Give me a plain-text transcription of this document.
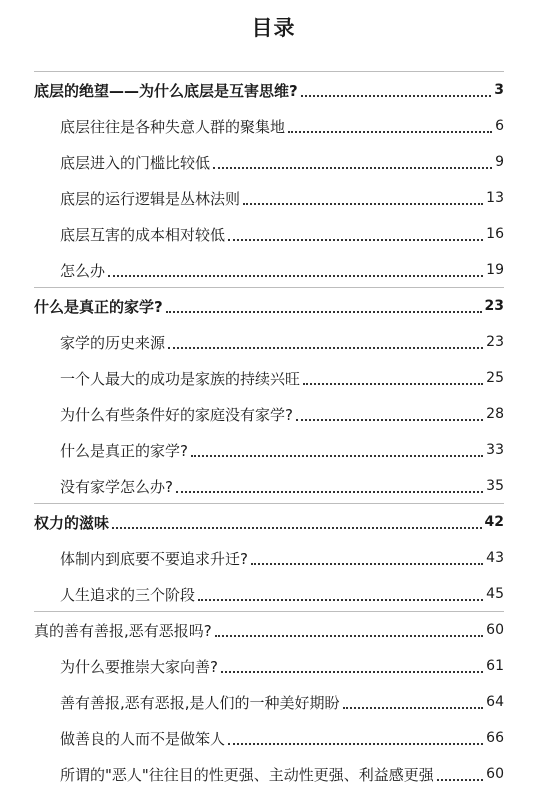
目录
底层的绝望——为什么底层是互害思维?	3
底层往往是各种失意人群的聚集地	6
底层进入的门槛比较低	9
底层的运行逻辑是丛林法则	13
底层互害的成本相对较低	16
怎么办	19
什么是真正的家学?	23
家学的历史来源	23
一个人最大的成功是家族的持续兴旺	25
为什么有些条件好的家庭没有家学?	28
什么是真正的家学?	33
没有家学怎么办?	35
权力的滋味	42
体制内到底要不要追求升迁?	43
人生追求的三个阶段	45
真的善有善报,恶有恶报吗?	60
为什么要推崇大家向善?	61
善有善报,恶有恶报,是人们的一种美好期盼	64
做善良的人而不是做笨人	66
所谓的"恶人"往往目的性更强、主动性更强、利益感更强	60
